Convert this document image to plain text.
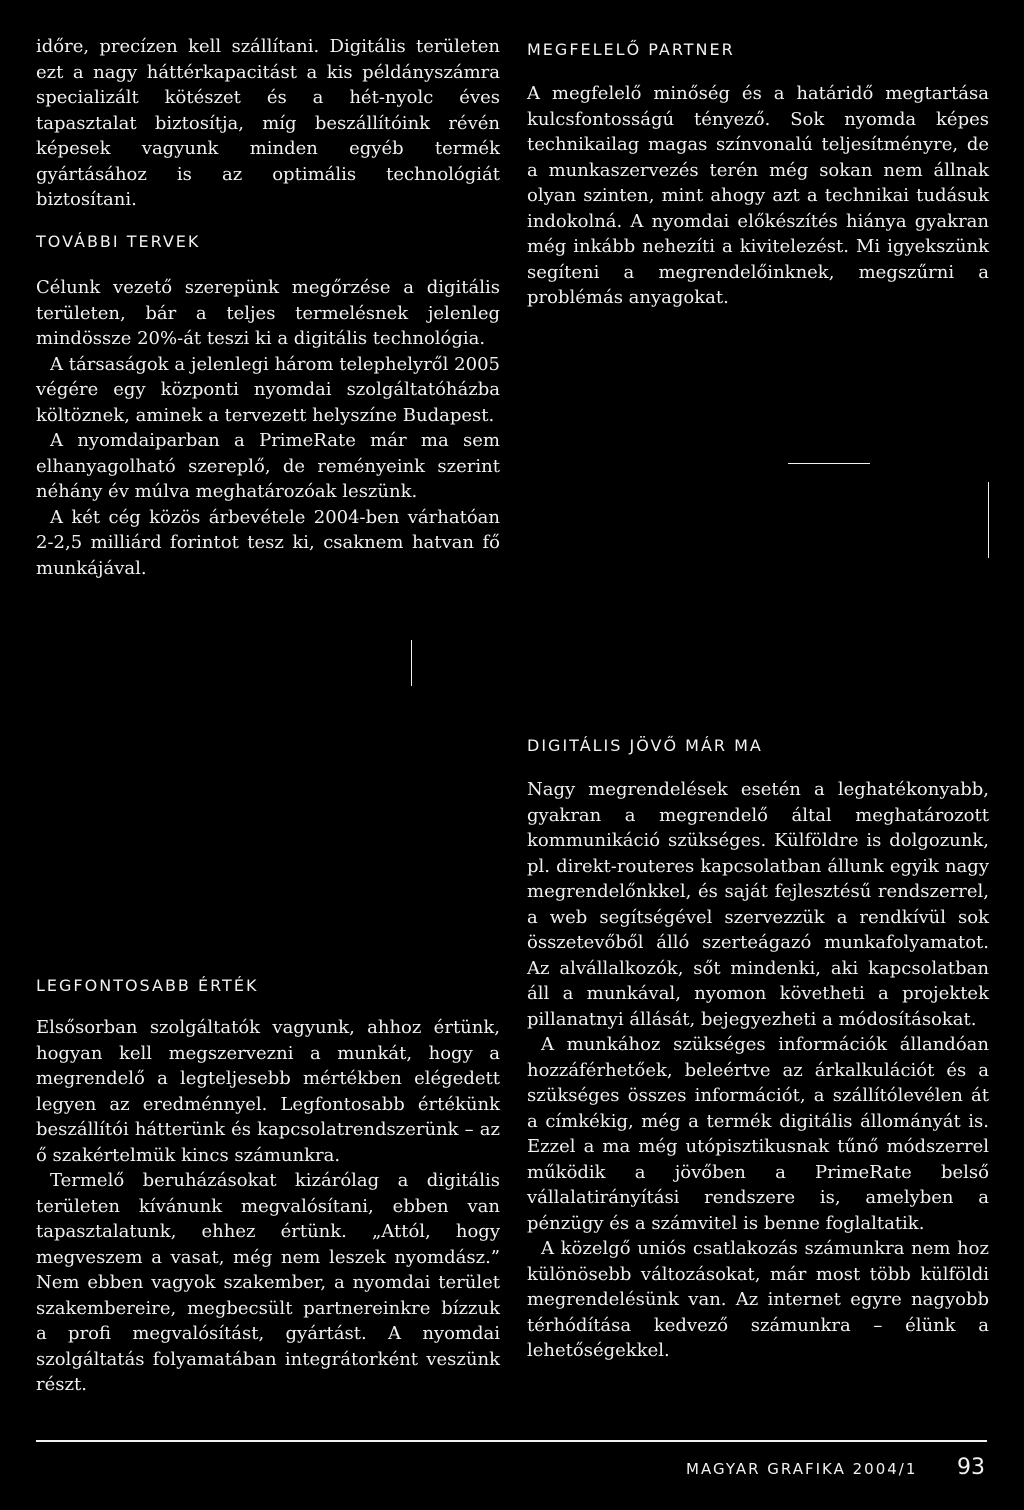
időre, precízen kell szállítani. Digitális területen ezt a nagy háttérkapacitást a kis példányszámra specializált kötészet és a hét-nyolc éves tapasztalat biztosítja, míg beszállítóink révén képesek vagyunk minden egyéb termék gyártásához is az optimális technológiát biztosítani.

TOVÁBBI TERVEK

Célunk vezető szerepünk megőrzése a digitális területen, bár a teljes termelésnek jelenleg mindössze 20%-át teszi ki a digitális technológia.

A társaságok a jelenlegi három telephelyről 2005 végére egy központi nyomdai szolgáltatóházba költöznek, aminek a tervezett helyszíne Budapest.

A nyomdaiparban a PrimeRate már ma sem elhanyagolható szereplő, de reményeink szerint néhány év múlva meghatározóak leszünk.

A két cég közös árbevétele 2004-ben várhatóan 2-2,5 milliárd forintot tesz ki, csaknem hatvan fő munkájával.

MEGFELELŐ PARTNER

A megfelelő minőség és a határidő megtartása kulcsfontosságú tényező. Sok nyomda képes technikailag magas színvonalú teljesítményre, de a munkaszervezés terén még sokan nem állnak olyan szinten, mint ahogy azt a technikai tudásuk indokolná. A nyomdai előkészítés hiánya gyakran még inkább nehezíti a kivitelezést. Mi igyekszünk segíteni a megrendelőinknek, megszűrni a problémás anyagokat.

DIGITÁLIS JÖVŐ MÁR MA

Nagy megrendelések esetén a leghatékonyabb, gyakran a megrendelő által meghatározott kommunikáció szükséges. Külföldre is dolgozunk, pl. direkt-routeres kapcsolatban állunk egyik nagy megrendelőnkkel, és saját fejlesztésű rendszerrel, a web segítségével szervezzük a rendkívül sok összetevőből álló szerteágazó munkafolyamatot. Az alvállalkozók, sőt mindenki, aki kapcsolatban áll a munkával, nyomon követheti a projektek pillanatnyi állását, bejegyezheti a módosításokat.

A munkához szükséges információk állandóan hozzáférhetőek, beleértve az árkalkulációt és a szükséges összes információt, a szállítólevélen át a címkékig, még a termék digitális állományát is. Ezzel a ma még utópisztikusnak tűnő módszerrel működik a jövőben a PrimeRate belső vállalatirányítási rendszere is, amelyben a pénzügy és a számvitel is benne foglaltatik.

A közelgő uniós csatlakozás számunkra nem hoz különösebb változásokat, már most több külföldi megrendelésünk van. Az internet egyre nagyobb térhódítása kedvező számunkra – élünk a lehetőségekkel.

LEGFONTOSABB ÉRTÉK

Elsősorban szolgáltatók vagyunk, ahhoz értünk, hogyan kell megszervezni a munkát, hogy a megrendelő a legteljesebb mértékben elégedett legyen az eredménnyel. Legfontosabb értékünk beszállítói hátterünk és kapcsolatrendszerünk – az ő szakértelmük kincs számunkra.

Termelő beruházásokat kizárólag a digitális területen kívánunk megvalósítani, ebben van tapasztalatunk, ehhez értünk. „Attól, hogy megveszem a vasat, még nem leszek nyomdász.” Nem ebben vagyok szakember, a nyomdai terület szakembereire, megbecsült partnereinkre bízzuk a profi megvalósítást, gyártást. A nyomdai szolgáltatás folyamatában integrátorként veszünk részt.

MAGYAR GRAFIKA 2004/1 93
